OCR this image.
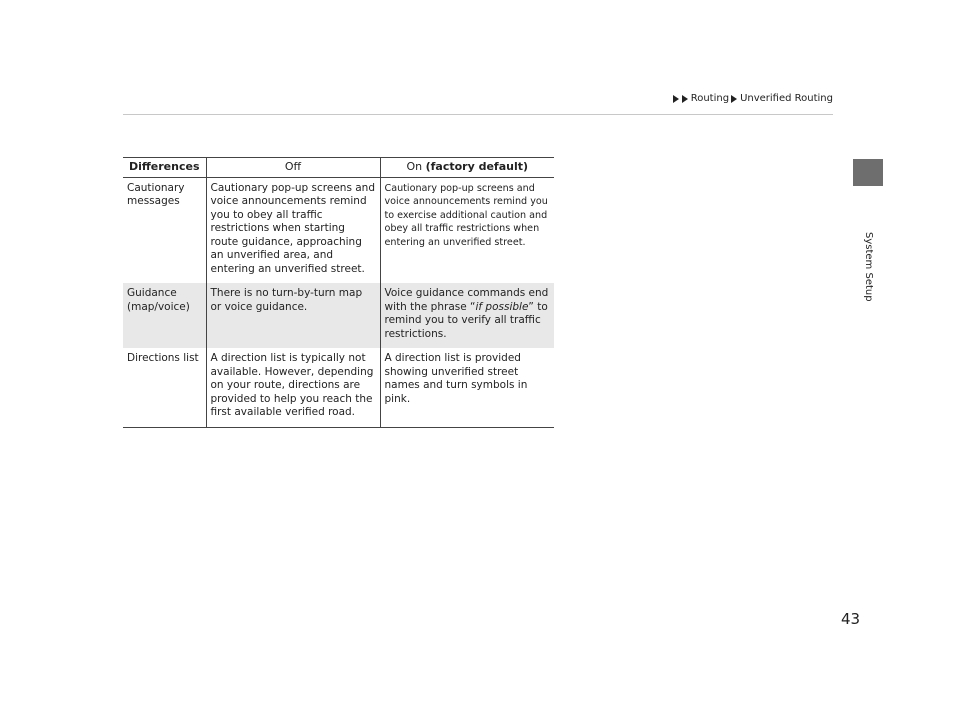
Routing Unverified Routing
System Setup
Differences	Off	On (factory default)
Cautionary messages	Cautionary pop-up screens and voice announcements remind you to obey all traffic restrictions when starting route guidance, approaching an unverified area, and entering an unverified street.	Cautionary pop-up screens and voice announcements remind you to exercise additional caution and obey all traffic restrictions when entering an unverified street.
Guidance (map/voice)	There is no turn-by-turn map or voice guidance.	Voice guidance commands end with the phrase “if possible” to remind you to verify all traffic restrictions.
Directions list	A direction list is typically not available. However, depending on your route, directions are provided to help you reach the first available verified road.	A direction list is provided showing unverified street names and turn symbols in pink.
43
